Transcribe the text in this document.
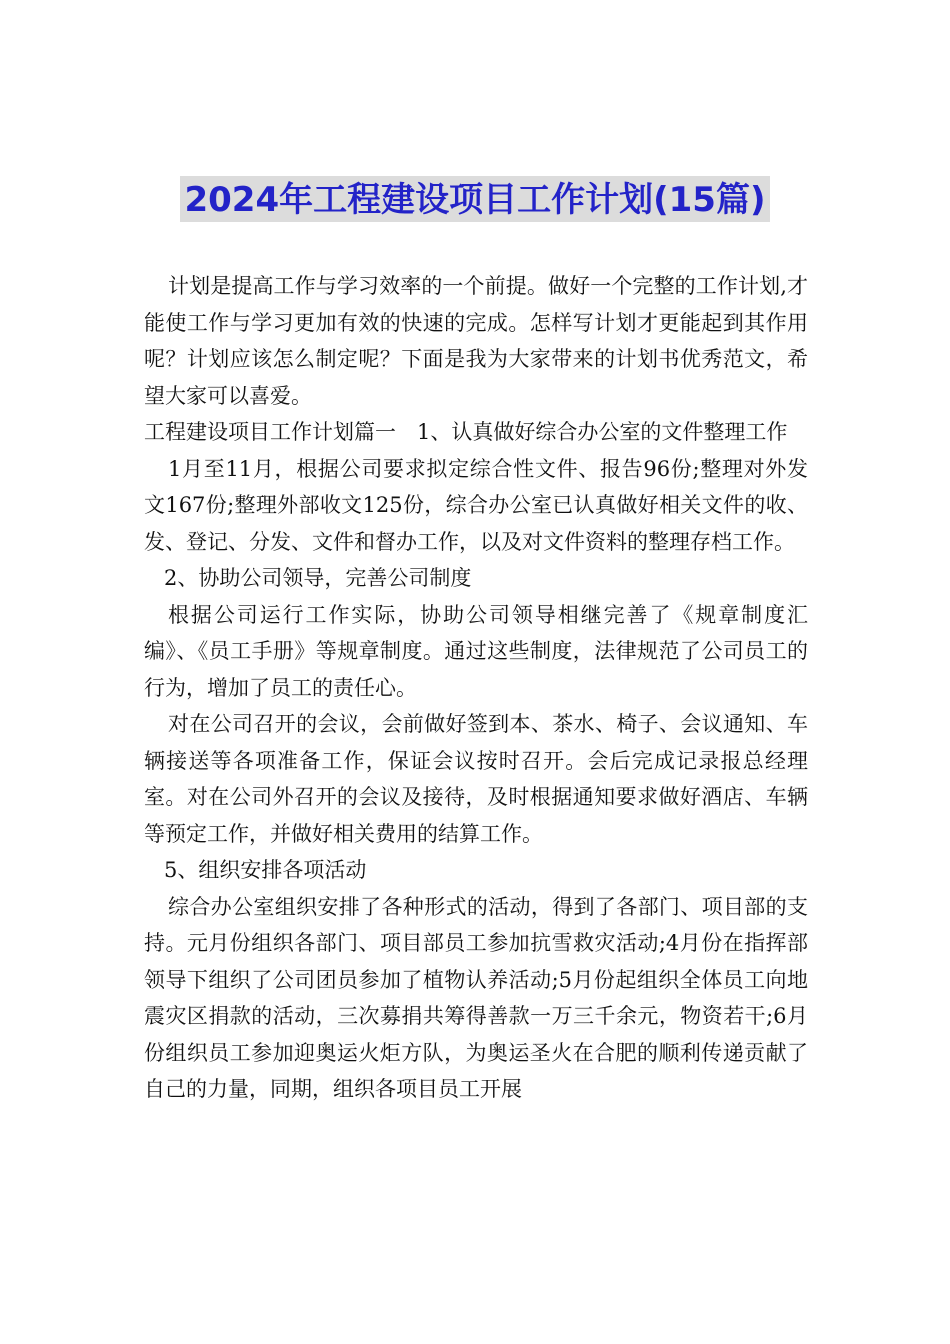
2024年工程建设项目工作计划(15篇)

计划是提高工作与学习效率的一个前提。做好一个完整的工作计划,才能使工作与学习更加有效的快速的完成。怎样写计划才更能起到其作用呢？计划应该怎么制定呢？下面是我为大家带来的计划书优秀范文，希望大家可以喜爱。

工程建设项目工作计划篇一　1、认真做好综合办公室的文件整理工作

1月至11月，根据公司要求拟定综合性文件、报告96份;整理对外发文167份;整理外部收文125份，综合办公室已认真做好相关文件的收、发、登记、分发、文件和督办工作，以及对文件资料的整理存档工作。

2、协助公司领导，完善公司制度

根据公司运行工作实际，协助公司领导相继完善了《规章制度汇编》、《员工手册》等规章制度。通过这些制度，法律规范了公司员工的行为，增加了员工的责任心。

对在公司召开的会议，会前做好签到本、茶水、椅子、会议通知、车辆接送等各项准备工作，保证会议按时召开。会后完成记录报总经理室。对在公司外召开的会议及接待，及时根据通知要求做好酒店、车辆等预定工作，并做好相关费用的结算工作。

5、组织安排各项活动

综合办公室组织安排了各种形式的活动，得到了各部门、项目部的支持。元月份组织各部门、项目部员工参加抗雪救灾活动;4月份在指挥部领导下组织了公司团员参加了植物认养活动;5月份起组织全体员工向地震灾区捐款的活动，三次募捐共筹得善款一万三千余元，物资若干;6月份组织员工参加迎奥运火炬方队，为奥运圣火在合肥的顺利传递贡献了自己的力量，同期，组织各项目员工开展
